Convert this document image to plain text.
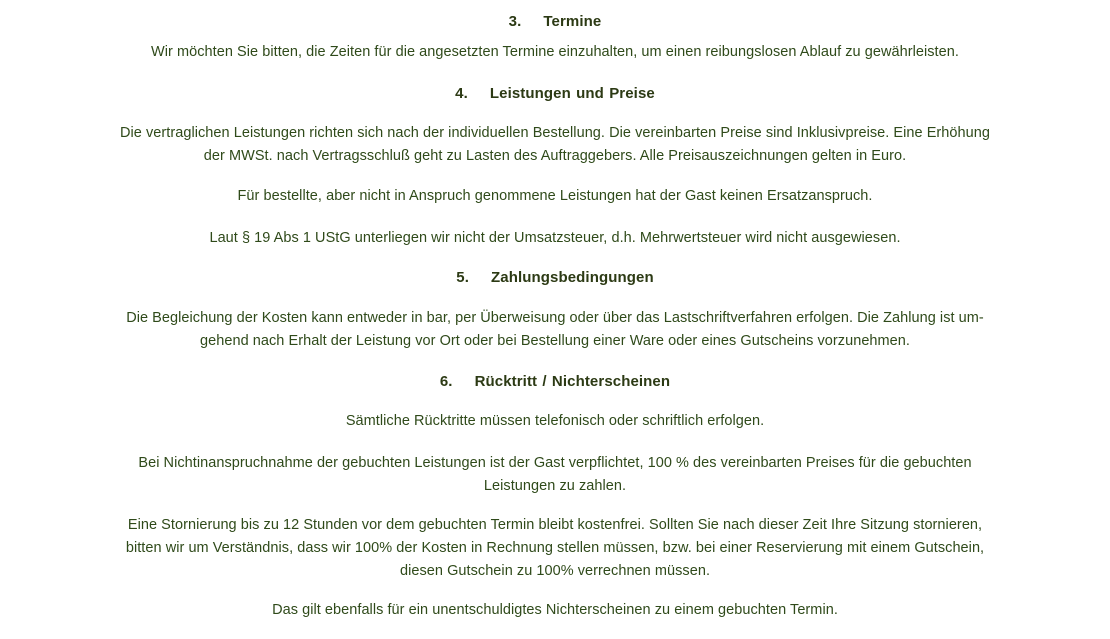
3. Termine
Wir möchten Sie bitten, die Zeiten für die angesetzten Termine einzuhalten, um einen reibungslosen Ablauf zu gewährleisten.
4. Leistungen und Preise
Die vertraglichen Leistungen richten sich nach der individuellen Bestellung. Die vereinbarten Preise sind Inklusivpreise. Eine Erhöhung
der MWSt. nach Vertragsschluß geht zu Lasten des Auftraggebers. Alle Preisauszeichnungen gelten in Euro.
Für bestellte, aber nicht in Anspruch genommene Leistungen hat der Gast keinen Ersatzanspruch.
Laut § 19 Abs 1 UStG unterliegen wir nicht der Umsatzsteuer, d.h. Mehrwertsteuer wird nicht ausgewiesen.
5. Zahlungsbedingungen
Die Begleichung der Kosten kann entweder in bar, per Überweisung oder über das Lastschriftverfahren erfolgen. Die Zahlung ist um-
gehend nach Erhalt der Leistung vor Ort oder bei Bestellung einer Ware oder eines Gutscheins vorzunehmen.
6. Rücktritt / Nichterscheinen
Sämtliche Rücktritte müssen telefonisch oder schriftlich erfolgen.
Bei Nichtinanspruchnahme der gebuchten Leistungen ist der Gast verpflichtet, 100 % des vereinbarten Preises für die gebuchten
Leistungen zu zahlen.
Eine Stornierung bis zu 12 Stunden vor dem gebuchten Termin bleibt kostenfrei. Sollten Sie nach dieser Zeit Ihre Sitzung stornieren,
bitten wir um Verständnis, dass wir 100% der Kosten in Rechnung stellen müssen, bzw. bei einer Reservierung mit einem Gutschein,
diesen Gutschein zu 100% verrechnen müssen.
Das gilt ebenfalls für ein unentschuldigtes Nichterscheinen zu einem gebuchten Termin.
